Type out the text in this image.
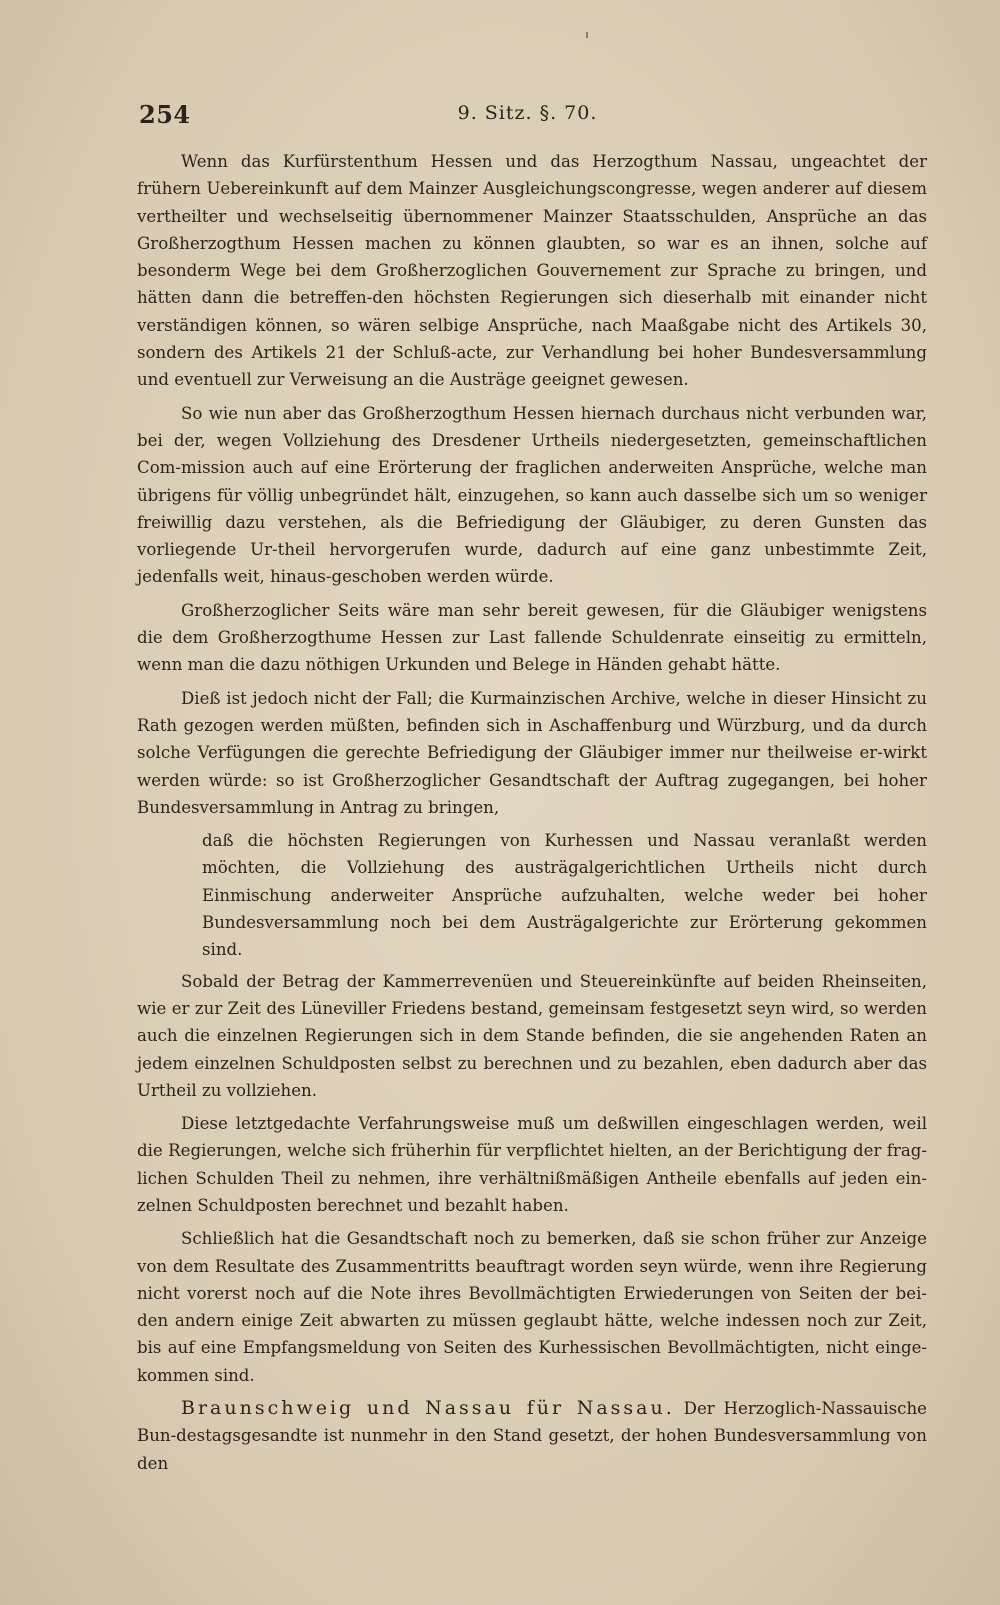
254	9. Sitz. §. 70.

Wenn das Kurfürstenthum Hessen und das Herzogthum Nassau, ungeachtet der frühern Uebereinkunft auf dem Mainzer Ausgleichungscongresse, wegen anderer auf diesem vertheilter und wechselseitig übernommener Mainzer Staatsschulden, Ansprüche an das Großherzogthum Hessen machen zu können glaubten, so war es an ihnen, solche auf besonderm Wege bei dem Großherzoglichen Gouvernement zur Sprache zu bringen, und hätten dann die betreffen-den höchsten Regierungen sich dieserhalb mit einander nicht verständigen können, so wären selbige Ansprüche, nach Maaßgabe nicht des Artikels 30, sondern des Artikels 21 der Schluß-acte, zur Verhandlung bei hoher Bundesversammlung und eventuell zur Verweisung an die Austräge geeignet gewesen.

So wie nun aber das Großherzogthum Hessen hiernach durchaus nicht verbunden war, bei der, wegen Vollziehung des Dresdener Urtheils niedergesetzten, gemeinschaftlichen Com-mission auch auf eine Erörterung der fraglichen anderweiten Ansprüche, welche man übrigens für völlig unbegründet hält, einzugehen, so kann auch dasselbe sich um so weniger freiwillig dazu verstehen, als die Befriedigung der Gläubiger, zu deren Gunsten das vorliegende Ur-theil hervorgerufen wurde, dadurch auf eine ganz unbestimmte Zeit, jedenfalls weit, hinaus-geschoben werden würde.

Großherzoglicher Seits wäre man sehr bereit gewesen, für die Gläubiger wenigstens die dem Großherzogthume Hessen zur Last fallende Schuldenrate einseitig zu ermitteln, wenn man die dazu nöthigen Urkunden und Belege in Händen gehabt hätte.

Dieß ist jedoch nicht der Fall; die Kurmainzischen Archive, welche in dieser Hinsicht zu Rath gezogen werden müßten, befinden sich in Aschaffenburg und Würzburg, und da durch solche Verfügungen die gerechte Befriedigung der Gläubiger immer nur theilweise er-wirkt werden würde: so ist Großherzoglicher Gesandtschaft der Auftrag zugegangen, bei hoher Bundesversammlung in Antrag zu bringen,

daß die höchsten Regierungen von Kurhessen und Nassau veranlaßt werden möchten, die Vollziehung des austrägalgerichtlichen Urtheils nicht durch Einmischung anderweiter Ansprüche aufzuhalten, welche weder bei hoher Bundesversammlung noch bei dem Austrägalgerichte zur Erörterung gekommen sind.

Sobald der Betrag der Kammerrevenüen und Steuereinkünfte auf beiden Rheinseiten, wie er zur Zeit des Lüneviller Friedens bestand, gemeinsam festgesetzt seyn wird, so werden auch die einzelnen Regierungen sich in dem Stande befinden, die sie angehenden Raten an jedem einzelnen Schuldposten selbst zu berechnen und zu bezahlen, eben dadurch aber das Urtheil zu vollziehen.

Diese letztgedachte Verfahrungsweise muß um deßwillen eingeschlagen werden, weil die Regierungen, welche sich früherhin für verpflichtet hielten, an der Berichtigung der frag-lichen Schulden Theil zu nehmen, ihre verhältnißmäßigen Antheile ebenfalls auf jeden ein-zelnen Schuldposten berechnet und bezahlt haben.

Schließlich hat die Gesandtschaft noch zu bemerken, daß sie schon früher zur Anzeige von dem Resultate des Zusammentritts beauftragt worden seyn würde, wenn ihre Regierung nicht vorerst noch auf die Note ihres Bevollmächtigten Erwiederungen von Seiten der bei-den andern einige Zeit abwarten zu müssen geglaubt hätte, welche indessen noch zur Zeit, bis auf eine Empfangsmeldung von Seiten des Kurhessischen Bevollmächtigten, nicht einge-kommen sind.

Braunschweig und Nassau für Nassau. Der Herzoglich-Nassauische Bun-destagsgesandte ist nunmehr in den Stand gesetzt, der hohen Bundesversammlung von den
